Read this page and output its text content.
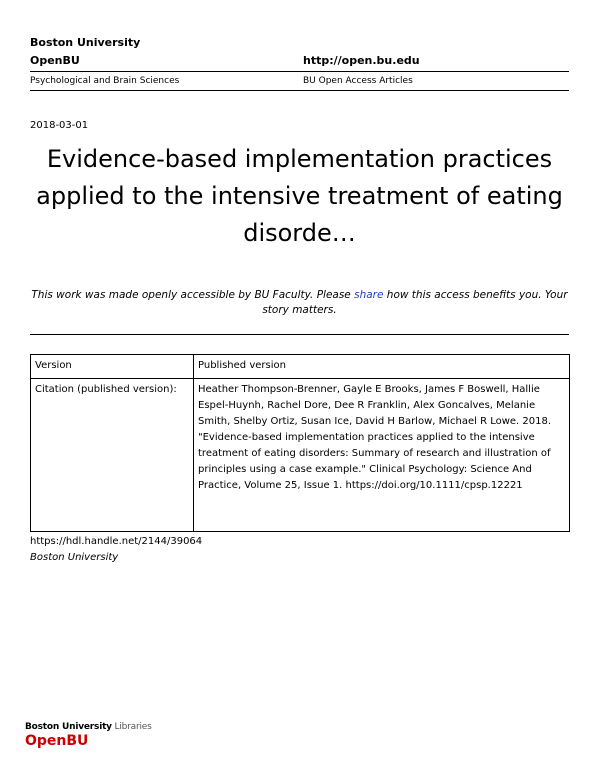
Boston University
OpenBU	http://open.bu.edu
Psychological and Brain Sciences	BU Open Access Articles
2018-03-01
Evidence-based implementation practices applied to the intensive treatment of eating disorde…
This work was made openly accessible by BU Faculty. Please share how this access benefits you. Your story matters.
Version	Published version
Citation (published version):	Heather Thompson-Brenner, Gayle E Brooks, James F Boswell, Hallie Espel-Huynh, Rachel Dore, Dee R Franklin, Alex Goncalves, Melanie Smith, Shelby Ortiz, Susan Ice, David H Barlow, Michael R Lowe. 2018. "Evidence-based implementation practices applied to the intensive treatment of eating disorders: Summary of research and illustration of principles using a case example." Clinical Psychology: Science And Practice, Volume 25, Issue 1. https://doi.org/10.1111/cpsp.12221
https://hdl.handle.net/2144/39064
Boston University
Boston University Libraries
OpenBU
